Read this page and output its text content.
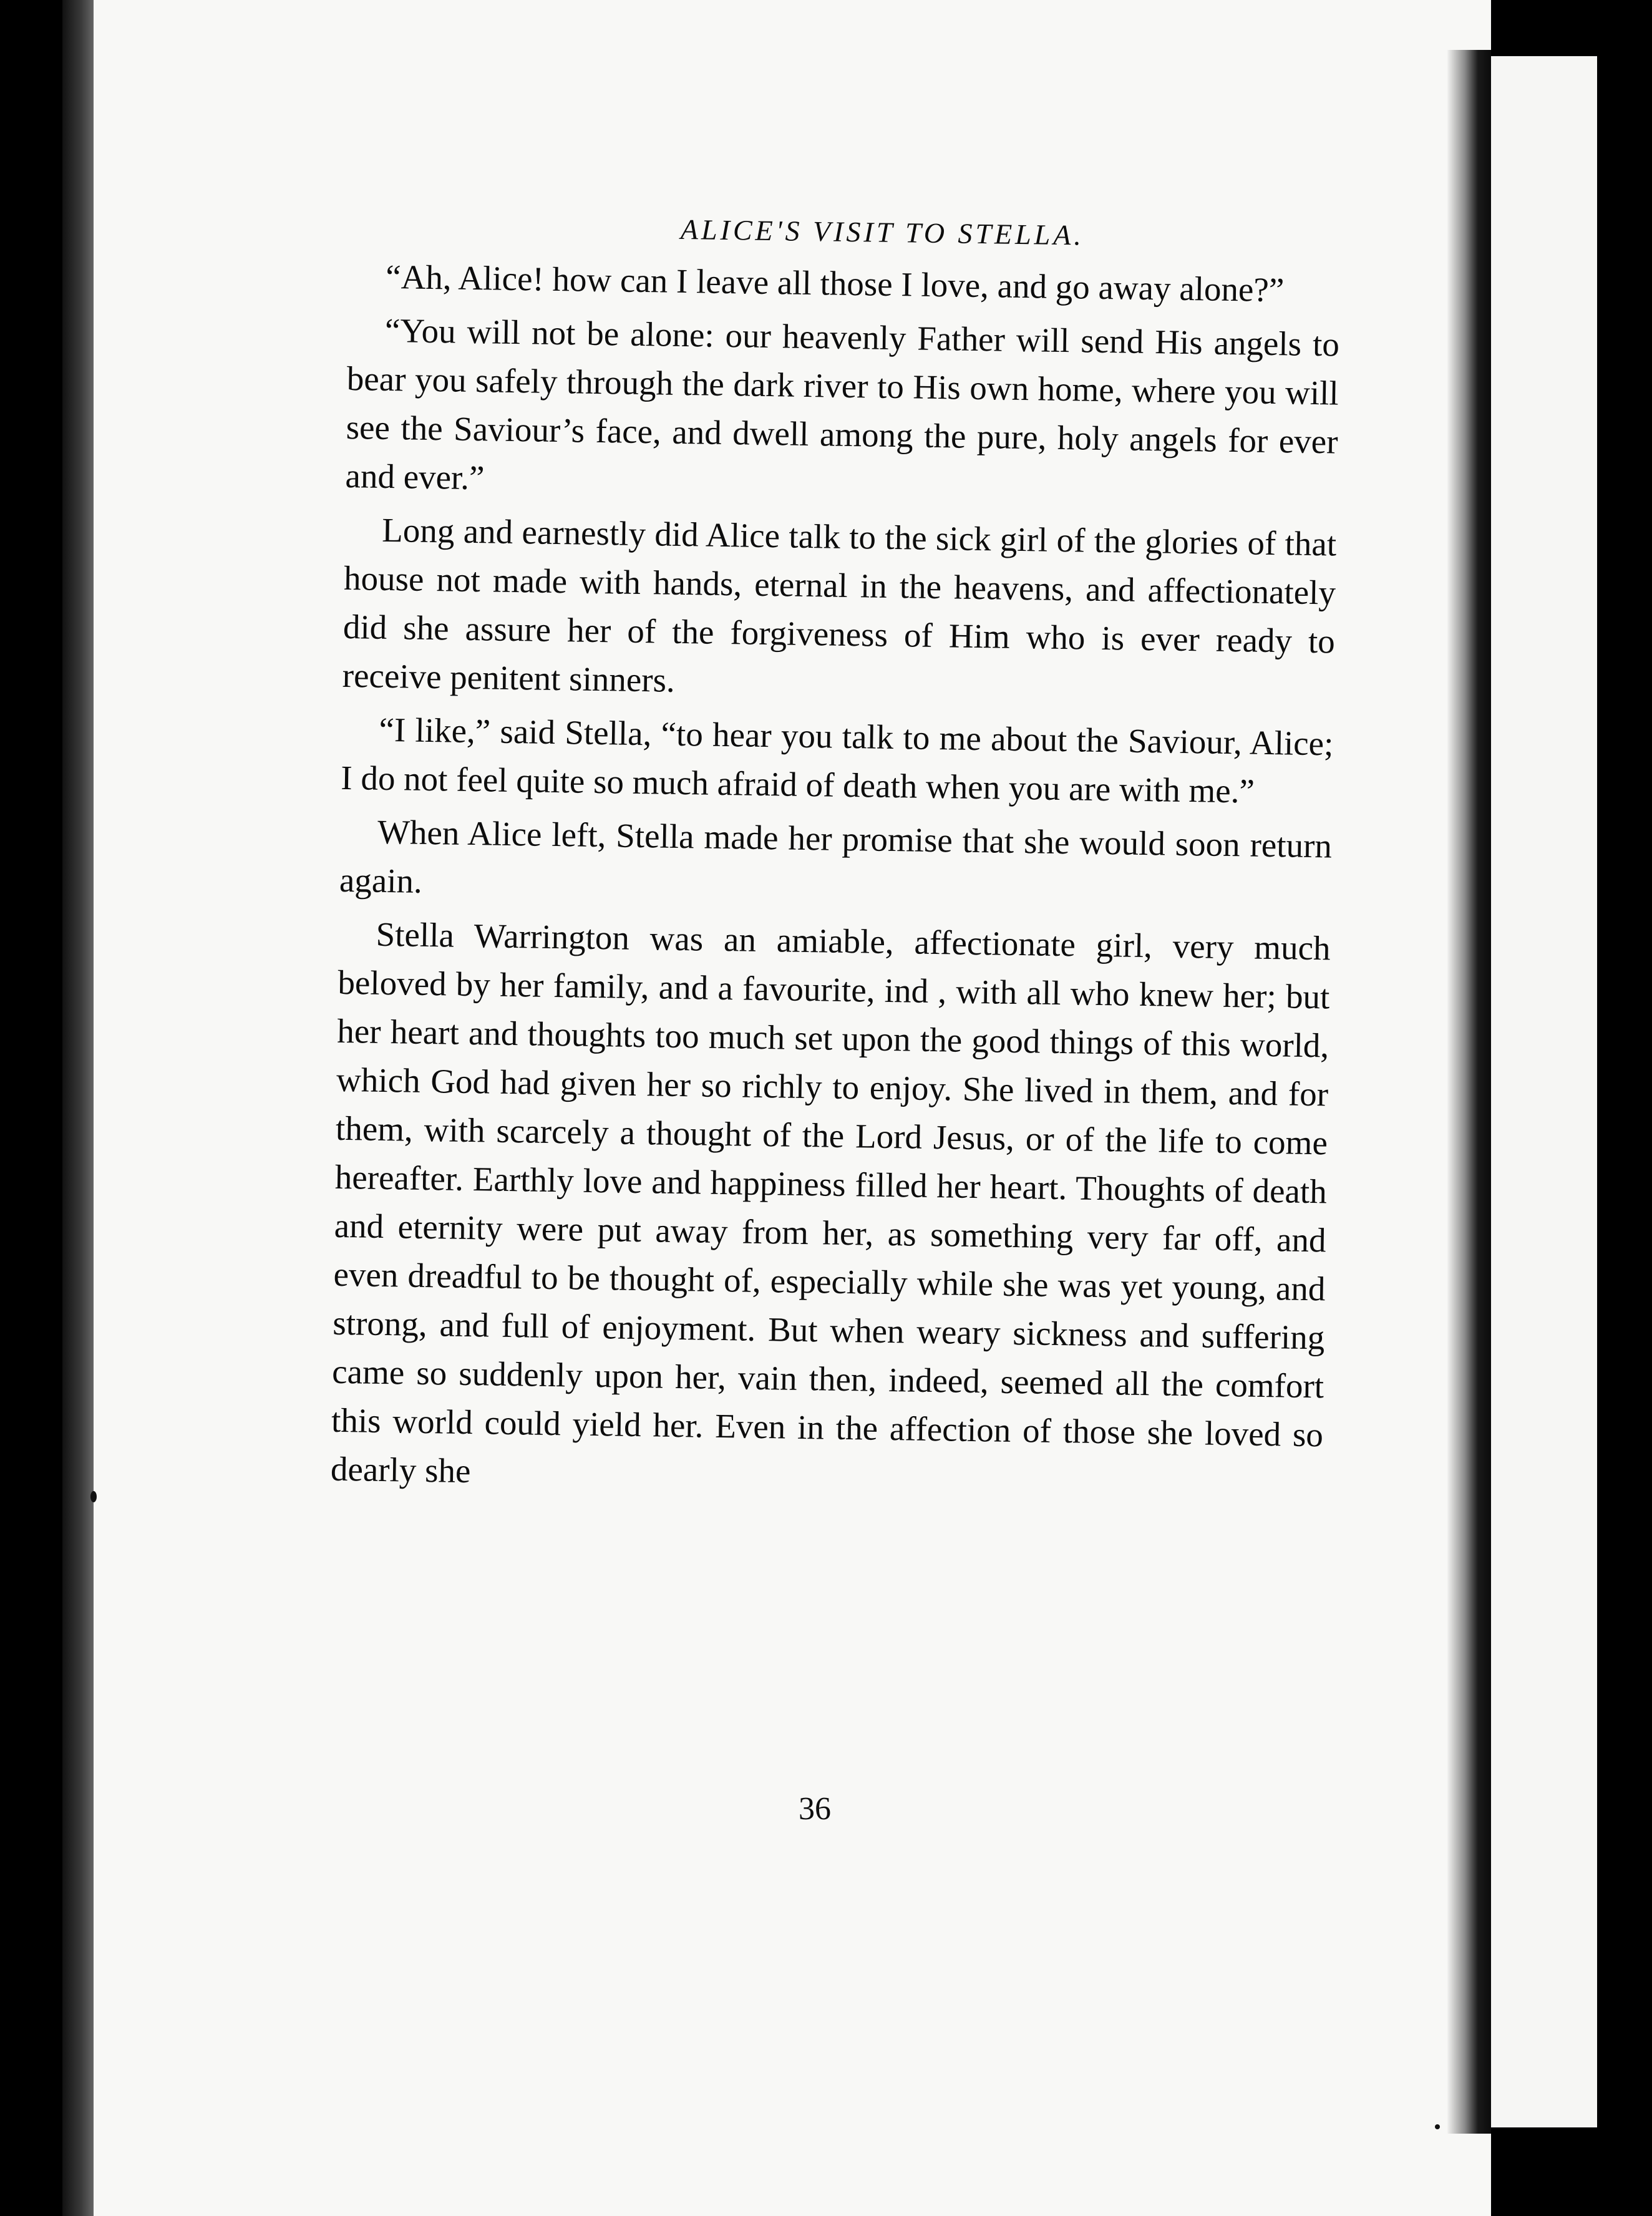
ALICE'S VISIT TO STELLA.

“Ah, Alice! how can I leave all those I love, and go away alone?”

“You will not be alone: our heavenly Father will send His angels to bear you safely through the dark river to His own home, where you will see the Saviour’s face, and dwell among the pure, holy angels for ever and ever.”

Long and earnestly did Alice talk to the sick girl of the glories of that house not made with hands, eternal in the heavens, and affectionately did she assure her of the forgiveness of Him who is ever ready to receive penitent sinners.

“I like,” said Stella, “to hear you talk to me about the Saviour, Alice; I do not feel quite so much afraid of death when you are with me.”

When Alice left, Stella made her promise that she would soon return again.

Stella Warrington was an amiable, affectionate girl, very much beloved by her family, and a favourite, ind , with all who knew her; but her heart and thoughts too much set upon the good things of this world, which God had given her so richly to enjoy. She lived in them, and for them, with scarcely a thought of the Lord Jesus, or of the life to come hereafter. Earthly love and happiness filled her heart. Thoughts of death and eternity were put away from her, as something very far off, and even dreadful to be thought of, especially while she was yet young, and strong, and full of enjoyment. But when weary sickness and suffering came so suddenly upon her, vain then, indeed, seemed all the comfort this world could yield her. Even in the affection of those she loved so dearly she

36
